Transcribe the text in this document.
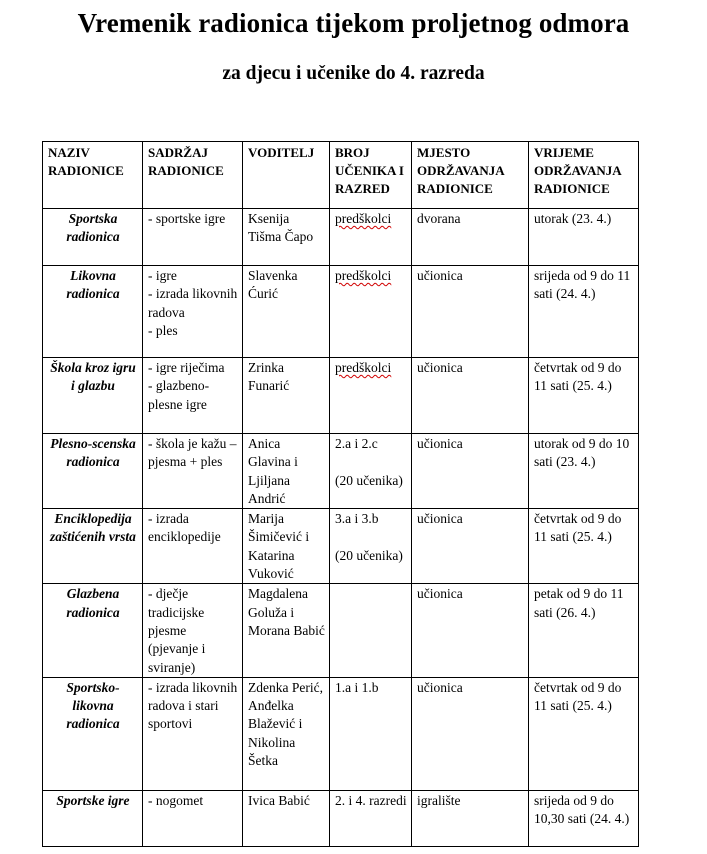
Vremenik radionica tijekom proljetnog odmora
za djecu i učenike do 4. razreda
NAZIV RADIONICE	SADRŽAJ RADIONICE	VODITELJ	BROJ UČENIKA I RAZRED	MJESTO ODRŽAVANJA RADIONICE	VRIJEME ODRŽAVANJA RADIONICE
Sportska radionica	- sportske igre	Ksenija Tišma Čapo	predškolci	dvorana	utorak (23. 4.)
Likovna radionica	- igre
- izrada likovnih radova
- ples	Slavenka Ćurić	predškolci	učionica	srijeda od 9 do 11 sati (24. 4.)
Škola kroz igru i glazbu	- igre riječima
- glazbeno-plesne igre	Zrinka Funarić	predškolci	učionica	četvrtak od 9 do 11 sati (25. 4.)
Plesno-scenska radionica	- škola je kažu – pjesma + ples	Anica Glavina i Ljiljana Andrić	2.a i 2.c

(20 učenika)	učionica	utorak od 9 do 10 sati (23. 4.)
Enciklopedija zaštićenih vrsta	- izrada enciklopedije	Marija Šimičević i Katarina Vuković	3.a i 3.b

(20 učenika)	učionica	četvrtak od 9 do 11 sati (25. 4.)
Glazbena radionica	- dječje tradicijske pjesme (pjevanje i sviranje)	Magdalena Goluža i Morana Babić		učionica	petak od 9 do 11 sati (26. 4.)
Sportsko-likovna radionica	- izrada likovnih radova i stari sportovi	Zdenka Perić, Anđelka Blažević i Nikolina Šetka	1.a i 1.b	učionica	četvrtak od 9 do 11 sati (25. 4.)
Sportske igre	- nogomet	Ivica Babić	2. i 4. razredi	igralište	srijeda od 9 do 10,30 sati (24. 4.)
